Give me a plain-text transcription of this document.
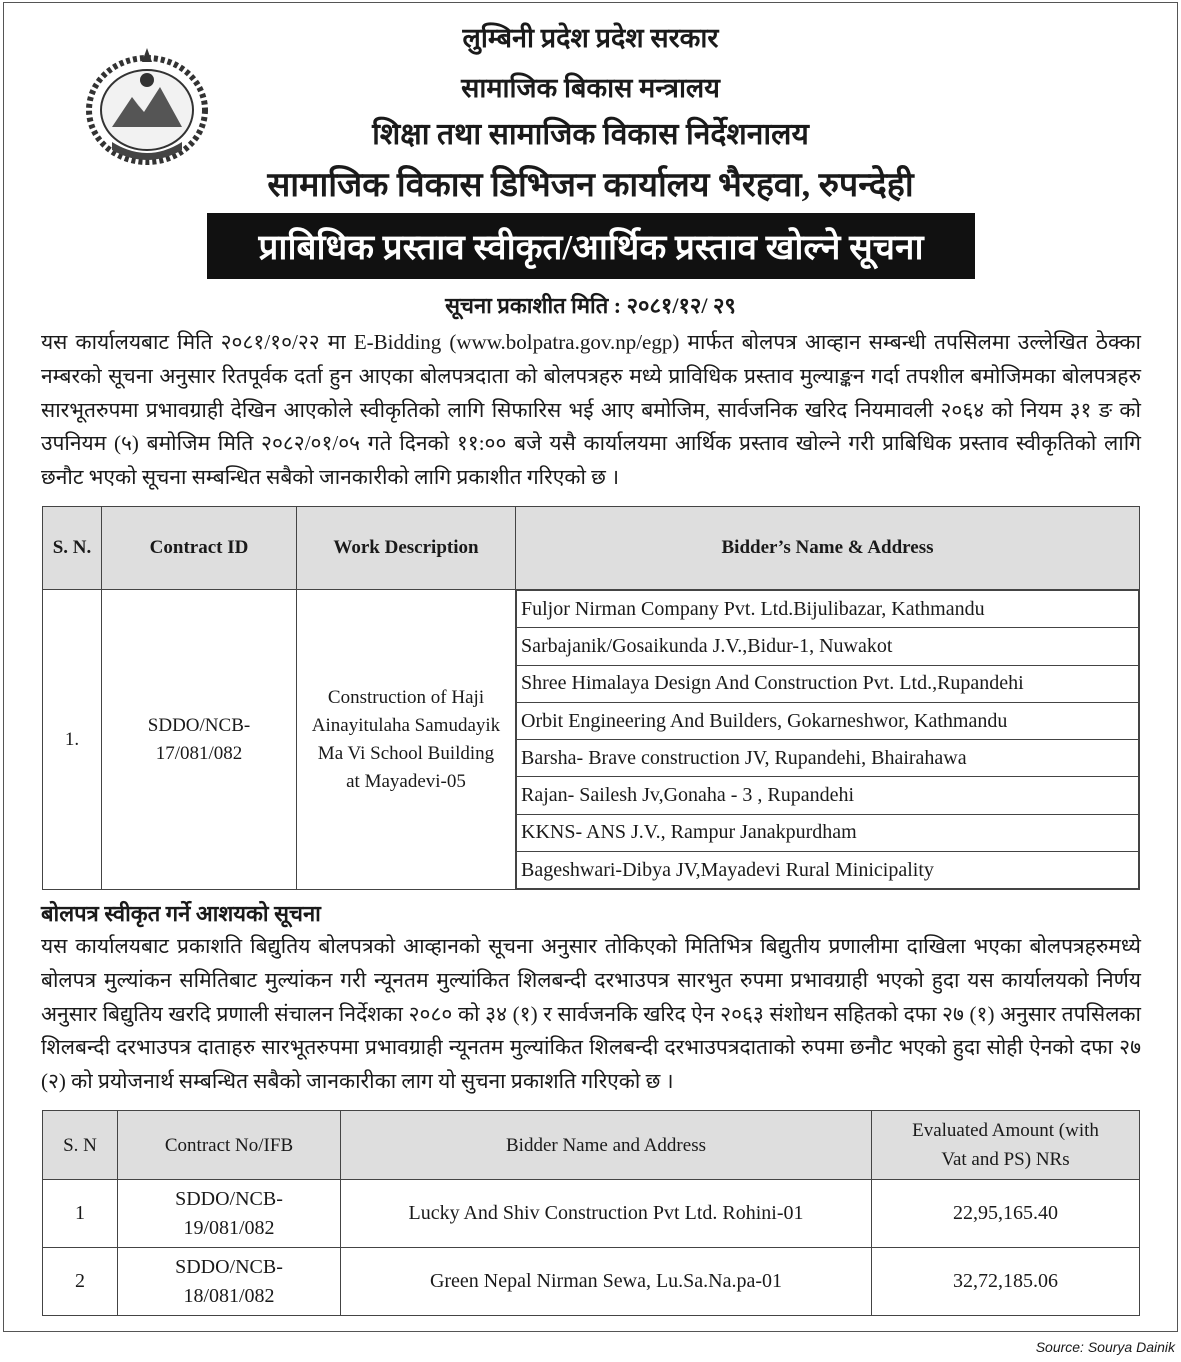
लुम्बिनी प्रदेश प्रदेश सरकार
सामाजिक बिकास मन्त्रालय
शिक्षा तथा सामाजिक विकास निर्देशनालय
सामाजिक विकास डिभिजन कार्यालय भैरहवा, रुपन्देही
प्राबिधिक प्रस्ताव स्वीकृत/आर्थिक प्रस्ताव खोल्ने सूचना
सूचना प्रकाशीत मिति : २०८१/१२/ २९
यस कार्यालयबाट मिति २०८१/१०/२२ मा E-Bidding (www.bolpatra.gov.np/egp) मार्फत बोलपत्र आव्हान सम्बन्धी तपसिलमा उल्लेखित ठेक्का नम्बरको सूचना अनुसार रितपूर्वक दर्ता हुन आएका बोलपत्रदाता को बोलपत्रहरु मध्ये प्राविधिक प्रस्ताव मुल्याङ्कन गर्दा तपशील बमोजिमका बोलपत्रहरु सारभूतरुपमा प्रभावग्राही देखिन आएकोले स्वीकृतिको लागि सिफारिस भई आए बमोजिम, सार्वजनिक खरिद नियमावली २०६४ को नियम ३१ ङ को उपनियम (५) बमोजिम मिति २०८२/०१/०५ गते दिनको ११:०० बजे यसै कार्यालयमा आर्थिक प्रस्ताव खोल्ने गरी प्राबिधिक प्रस्ताव स्वीकृतिको लागि छनौट भएको सूचना सम्बन्धित सबैको जानकारीको लागि प्रकाशीत गरिएको छ ।
S. N.	Contract ID	Work Description	Bidder’s Name & Address
1.	SDDO/NCB-17/081/082	Construction of Haji Ainayitulaha Samudayik Ma Vi School Building at Mayadevi-05	
Fuljor Nirman Company Pvt. Ltd.Bijulibazar, Kathmandu
Sarbajanik/Gosaikunda J.V.,Bidur-1, Nuwakot
Shree Himalaya Design And Construction Pvt. Ltd.,Rupandehi
Orbit Engineering And Builders, Gokarneshwor, Kathmandu
Barsha- Brave construction JV, Rupandehi, Bhairahawa
Rajan- Sailesh Jv,Gonaha - 3 , Rupandehi
KKNS- ANS J.V., Rampur Janakpurdham
Bageshwari-Dibya JV,Mayadevi Rural Minicipality
बोलपत्र स्वीकृत गर्ने आशयको सूचना
यस कार्यालयबाट प्रकाशति बिद्युतिय बोलपत्रको आव्हानको सूचना अनुसार तोकिएको मितिभित्र बिद्युतीय प्रणालीमा दाखिला भएका बोलपत्रहरुमध्ये बोलपत्र मुल्यांकन समितिबाट मुल्यांकन गरी न्यूनतम मुल्यांकित शिलबन्दी दरभाउपत्र सारभुत रुपमा प्रभावग्राही भएको हुदा यस कार्यालयको निर्णय अनुसार बिद्युतिय खरदि प्रणाली संचालन निर्देशका २०८० को ३४ (१) र सार्वजनकि खरिद ऐन २०६३ संशोधन सहितको दफा २७ (१) अनुसार तपसिलका शिलबन्दी दरभाउपत्र दाताहरु सारभूतरुपमा प्रभावग्राही न्यूनतम मुल्यांकित शिलबन्दी दरभाउपत्रदाताको रुपमा छनौट भएको हुदा सोही ऐनको दफा २७ (२) को प्रयोजनार्थ सम्बन्धित सबैको जानकारीका लाग यो सुचना प्रकाशति गरिएको छ ।
S. N	Contract No/IFB	Bidder Name and Address	Evaluated Amount (with Vat and PS) NRs
1	SDDO/NCB-19/081/082	Lucky And Shiv Construction Pvt Ltd. Rohini-01	22,95,165.40
2	SDDO/NCB-18/081/082	Green Nepal Nirman Sewa, Lu.Sa.Na.pa-01	32,72,185.06
Source: Sourya Dainik
